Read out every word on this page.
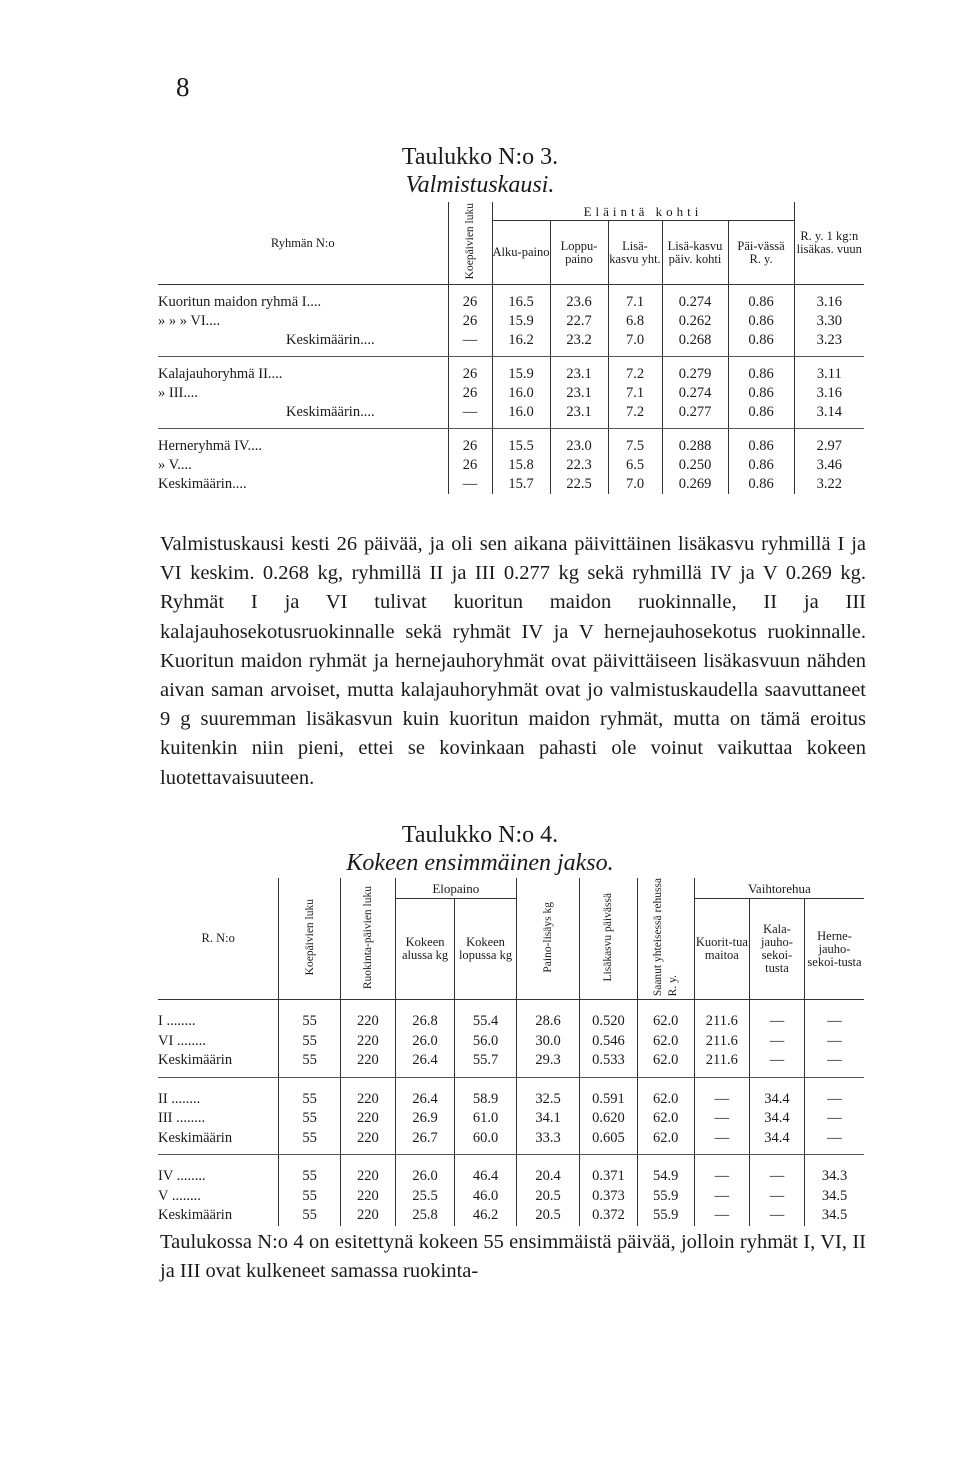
8
Taulukko N:o 3.
Valmistuskausi.
Ryhmän N:o	Koepäivien luku	Eläintä kohti					R. y. 1 kg:n lisäkas. vuun
		Alku-paino	Loppu-paino	Lisä-kasvu yht.	Lisä-kasvu päiv. kohti	Päi-vässä
R. y.	
Kuoritun maidon ryhmä I....	26	16.5	23.6	7.1	0.274	0.86	3.16
» » » VI....	26	15.9	22.7	6.8	0.262	0.86	3.30
Keskimäärin....	—	16.2	23.2	7.0	0.268	0.86	3.23
Kalajauhoryhmä II....	26	15.9	23.1	7.2	0.279	0.86	3.11
» III....	26	16.0	23.1	7.1	0.274	0.86	3.16
Keskimäärin....	—	16.0	23.1	7.2	0.277	0.86	3.14
Herneryhmä IV....	26	15.5	23.0	7.5	0.288	0.86	2.97
» V....	26	15.8	22.3	6.5	0.250	0.86	3.46
Keskimäärin....	—	15.7	22.5	7.0	0.269	0.86	3.22

Valmistuskausi kesti 26 päivää, ja oli sen aikana päivittäinen lisäkasvu ryhmillä I ja VI keskim. 0.268 kg, ryhmillä II ja III 0.277 kg sekä ryhmillä IV ja V 0.269 kg. Ryhmät I ja VI tulivat kuoritun maidon ruokinnalle, II ja III kalajauhosekotusruokinnalle sekä ryhmät IV ja V hernejauhosekotus ruokinnalle. Kuoritun maidon ryhmät ja hernejauhoryhmät ovat päivittäiseen lisäkasvuun nähden aivan saman arvoiset, mutta kalajauhoryhmät ovat jo valmistuskaudella saavuttaneet 9 g suuremman lisäkasvun kuin kuoritun maidon ryhmät, mutta on tämä eroitus kuitenkin niin pieni, ettei se kovinkaan pahasti ole voinut vaikuttaa kokeen luotettavaisuuteen.

Taulukko N:o 4.
Kokeen ensimmäinen jakso.
R. N:o	Koepäivien luku	Ruokinta-päivien luku	Elopaino		Paino-lisäys kg	Lisäkasvu päivässä	Saanut yhteisessä rehussa R. y.	Vaihtorehua		
			Kokeen alussa kg	Kokeen lopussa kg				Kuorit-tua maitoa	Kala-jauho-sekoi-tusta	Herne-jauho-sekoi-tusta
I ........	55	220	26.8	55.4	28.6	0.520	62.0	211.6	—	—
VI ........	55	220	26.0	56.0	30.0	0.546	62.0	211.6	—	—
Keskimäärin	55	220	26.4	55.7	29.3	0.533	62.0	211.6	—	—
II ........	55	220	26.4	58.9	32.5	0.591	62.0	—	34.4	—
III ........	55	220	26.9	61.0	34.1	0.620	62.0	—	34.4	—
Keskimäärin	55	220	26.7	60.0	33.3	0.605	62.0	—	34.4	—
IV ........	55	220	26.0	46.4	20.4	0.371	54.9	—	—	34.3
V ........	55	220	25.5	46.0	20.5	0.373	55.9	—	—	34.5
Keskimäärin	55	220	25.8	46.2	20.5	0.372	55.9	—	—	34.5

Taulukossa N:o 4 on esitettynä kokeen 55 ensimmäistä päivää, jolloin ryhmät I, VI, II ja III ovat kulkeneet samassa ruokinta-
